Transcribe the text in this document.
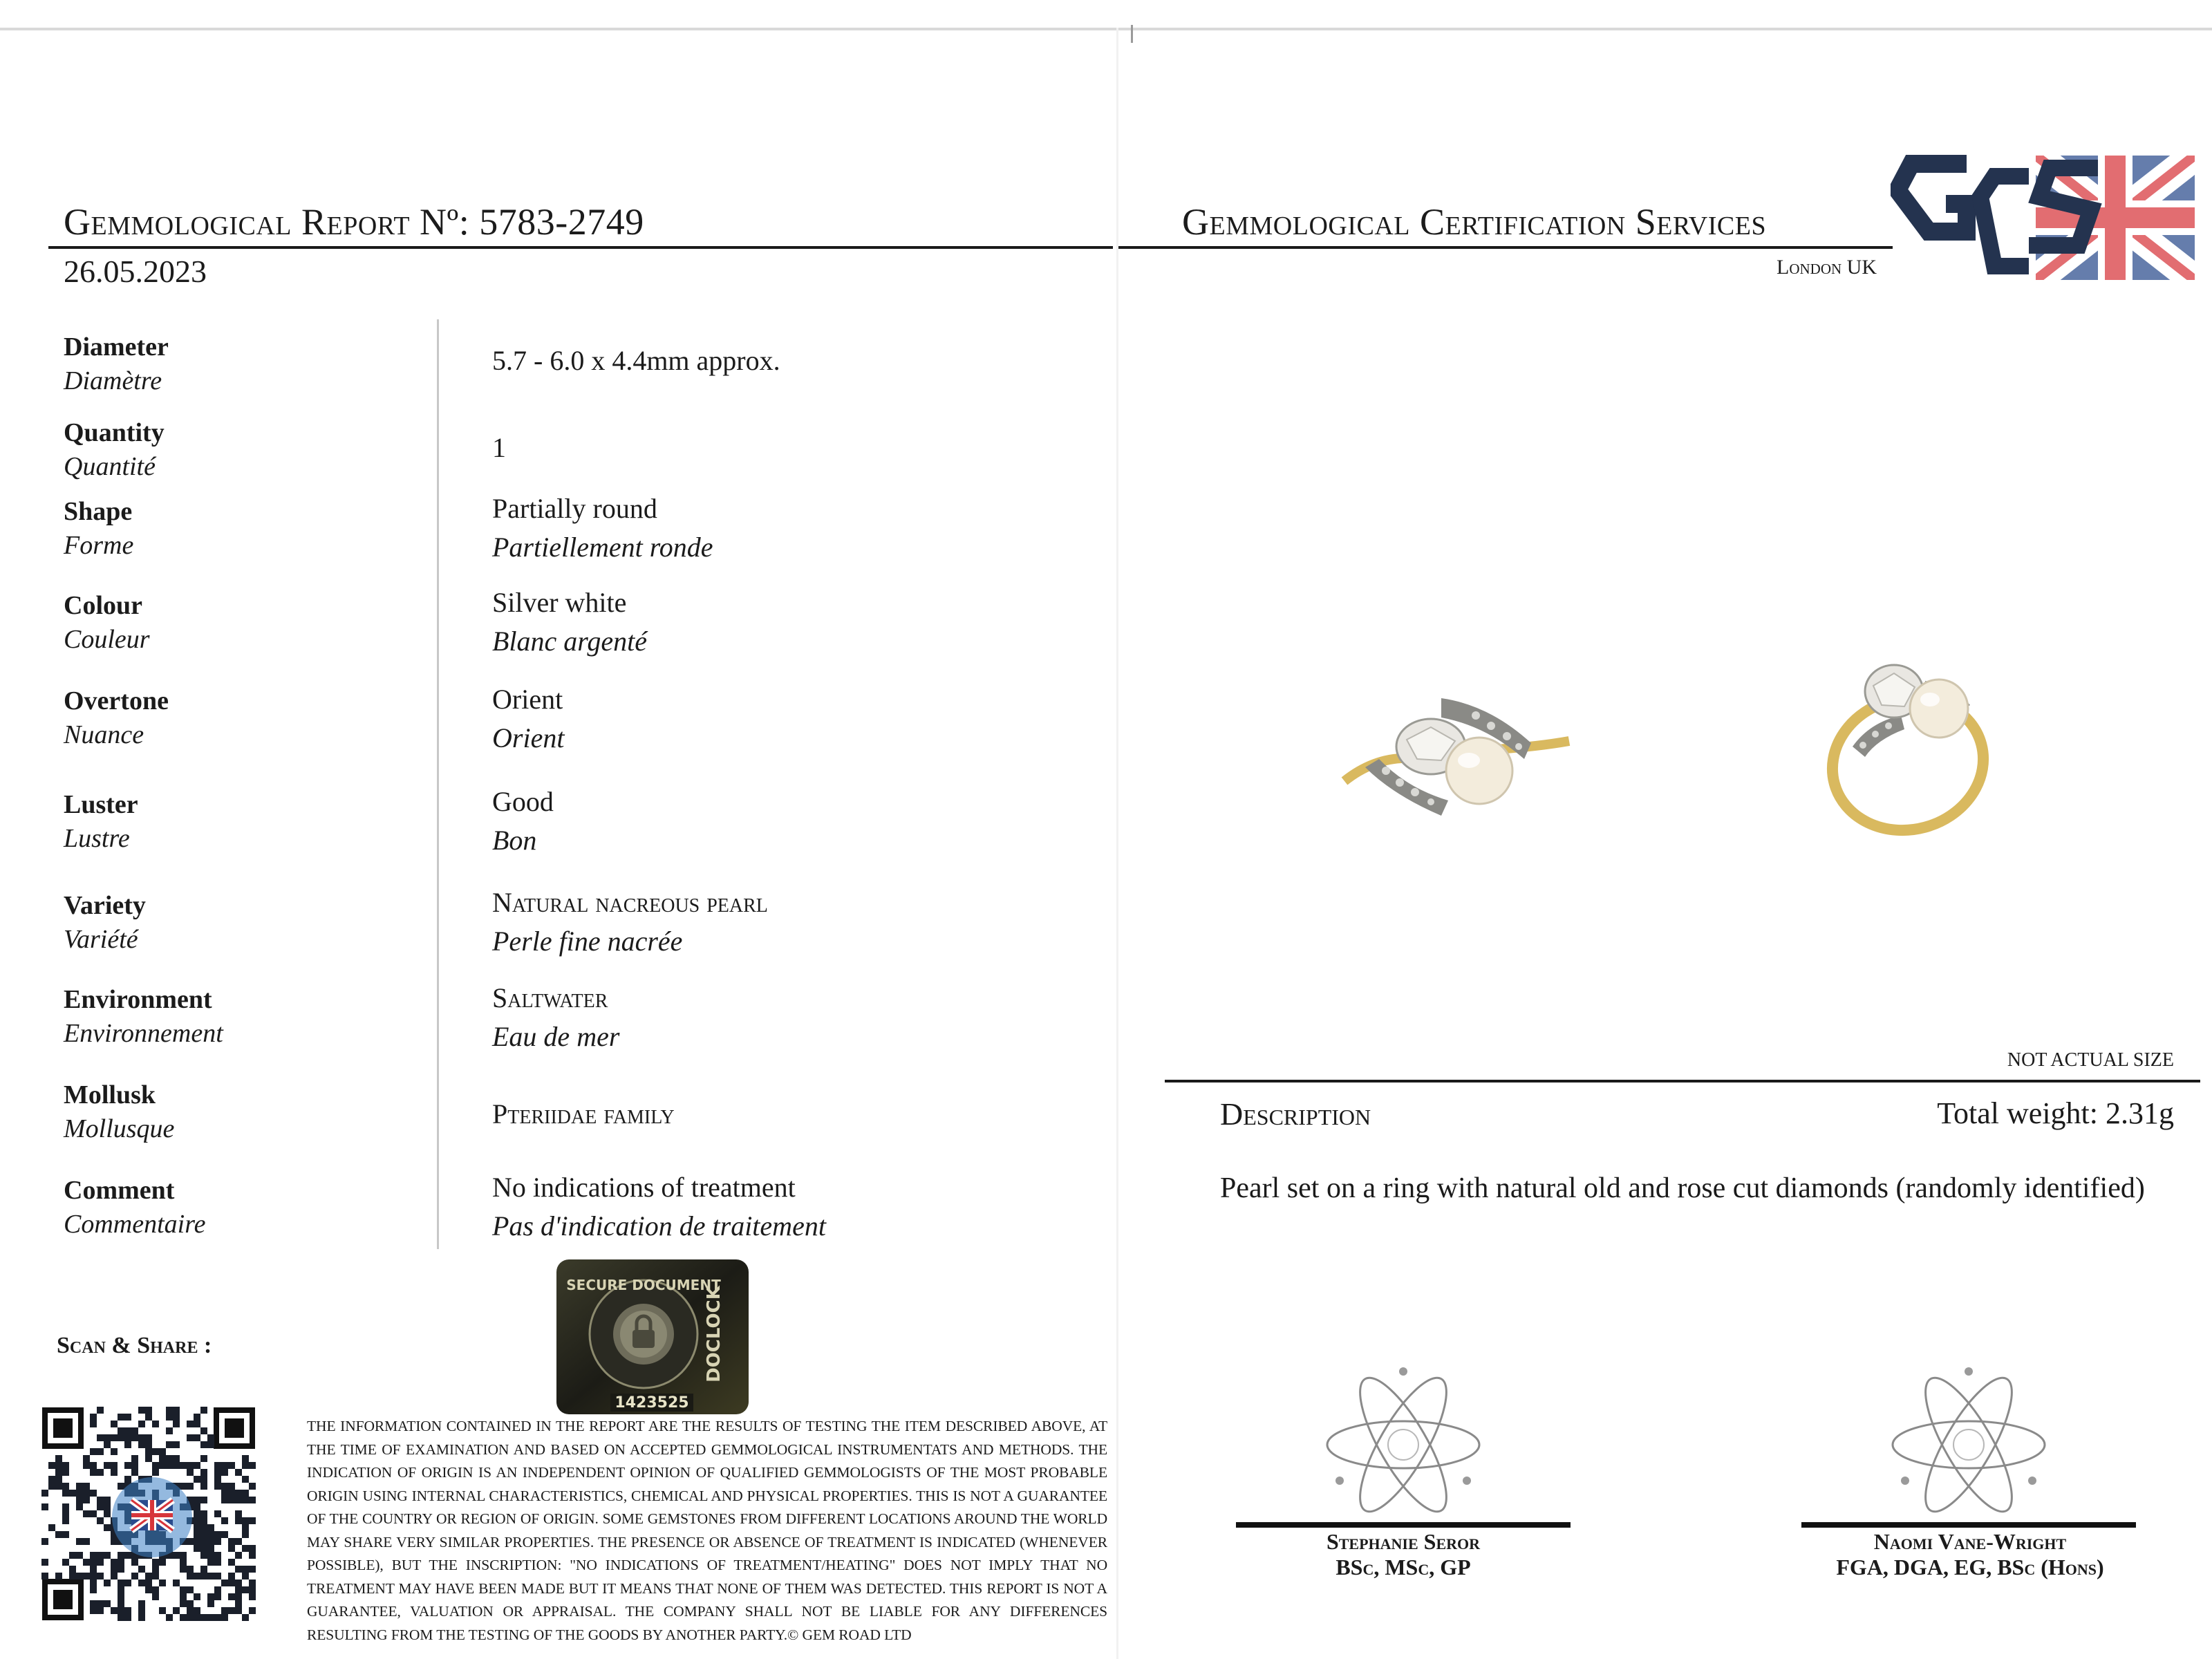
Gemmological Report Nº: 5783-2749
26.05.2023
Gemmological Certification Services
London UK
Diameter
Diamètre
5.7 - 6.0 x 4.4mm approx.
Quantity
Quantité
1
Shape
Forme
Partially round
Partiellement ronde
Colour
Couleur
Silver white
Blanc argenté
Overtone
Nuance
Orient
Orient
Luster
Lustre
Good
Bon
Variety
Variété
Natural nacreous pearl
Perle fine nacrée
Environment
Environnement
Saltwater
Eau de mer
Mollusk
Mollusque	Pteriidae family
Comment
Commentaire
No indications of treatment
Pas d'indication de traitement
SECURE DOCUMENT
DOCLOCK
1423525
Scan & Share :
THE INFORMATION CONTAINED IN THE REPORT ARE THE RESULTS OF TESTING THE ITEM DESCRIBED ABOVE, AT THE TIME OF EXAMINATION AND BASED ON ACCEPTED GEMMOLOGICAL INSTRUMENTATS AND METHODS. THE INDICATION OF ORIGIN IS AN INDEPENDENT OPINION OF QUALIFIED GEMMOLOGISTS OF THE MOST PROBABLE ORIGIN USING INTERNAL CHARACTERISTICS, CHEMICAL AND PHYSICAL PROPERTIES. THIS IS NOT A GUARANTEE OF THE COUNTRY OR REGION OF ORIGIN. SOME GEMSTONES FROM DIFFERENT LOCATIONS AROUND THE WORLD MAY SHARE VERY SIMILAR PROPERTIES. THE PRESENCE OR ABSENCE OF TREATMENT IS INDICATED (WHENEVER POSSIBLE), BUT THE INSCRIPTION: "NO INDICATIONS OF TREATMENT/HEATING" DOES NOT IMPLY THAT NO TREATMENT MAY HAVE BEEN MADE BUT IT MEANS THAT NONE OF THEM WAS DETECTED. THIS REPORT IS NOT A GUARANTEE, VALUATION OR APPRAISAL. THE COMPANY SHALL NOT BE LIABLE FOR ANY DIFFERENCES RESULTING FROM THE TESTING OF THE GOODS BY ANOTHER PARTY.© GEM ROAD LTD
NOT ACTUAL SIZE
Description	Total weight: 2.31g
Pearl set on a ring with natural old and rose cut diamonds (randomly identified)
Stephanie Seror
BSc, MSc, GP
Naomi Vane-Wright
FGA, DGA, EG, BSc (Hons)
